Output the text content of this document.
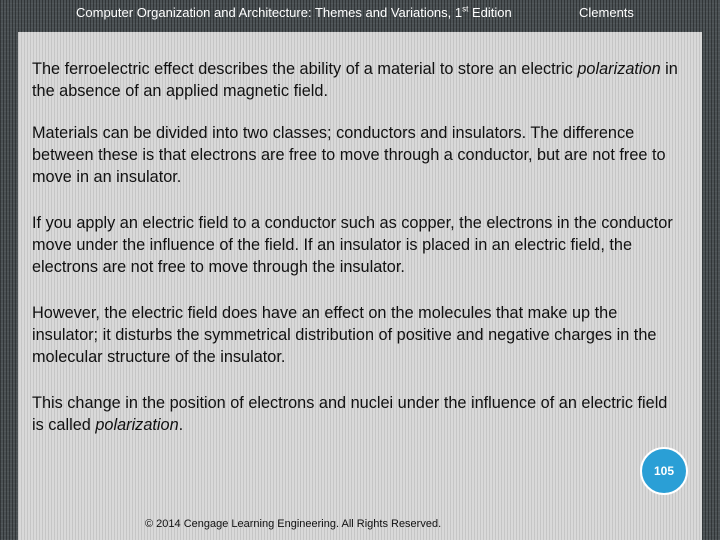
Computer Organization and Architecture: Themes and Variations, 1st Edition	Clements

The ferroelectric effect describes the ability of a material to store an electric polarization in the absence of an applied magnetic field.

Materials can be divided into two classes; conductors and insulators. The difference between these is that electrons are free to move through a conductor, but are not free to move in an insulator.

If you apply an electric field to a conductor such as copper, the electrons in the conductor move under the influence of the field. If an insulator is placed in an electric field, the electrons are not free to move through the insulator.

However, the electric field does have an effect on the molecules that make up the insulator; it disturbs the symmetrical distribution of positive and negative charges in the molecular structure of the insulator.

This change in the position of electrons and nuclei under the influence of an electric field is called polarization.

105
© 2014 Cengage Learning Engineering. All Rights Reserved.
